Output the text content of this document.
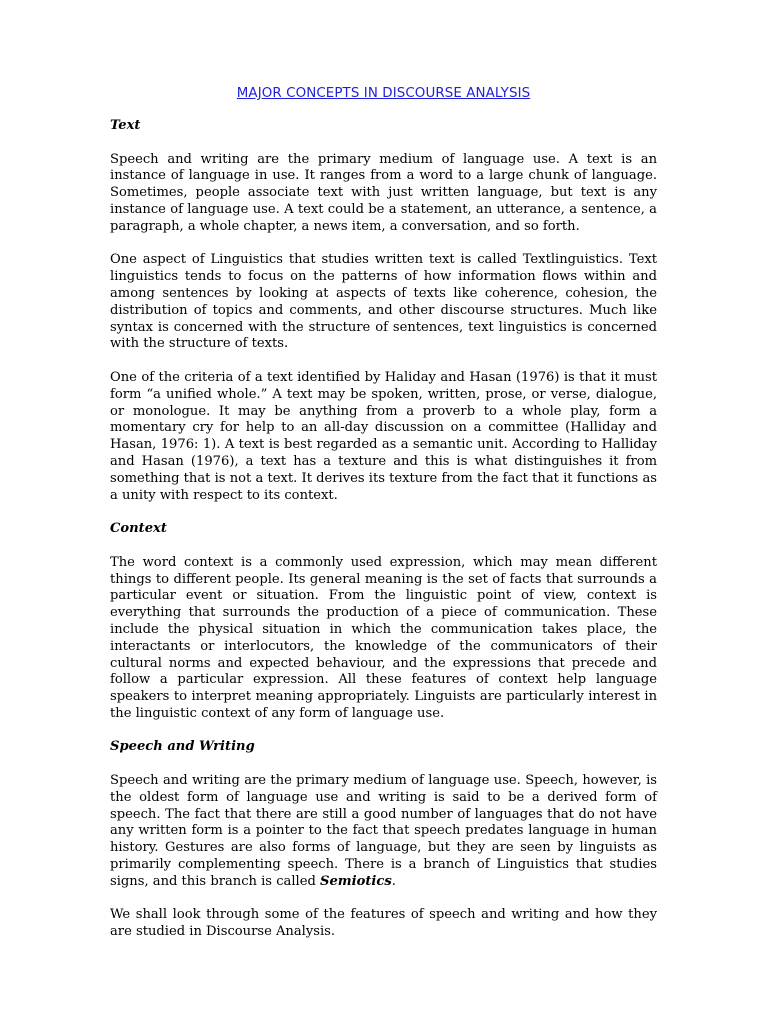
MAJOR CONCEPTS IN DISCOURSE ANALYSIS
Text
Speech and writing are the primary medium of language use. A text is an instance of language in use. It ranges from a word to a large chunk of language. Sometimes, people associate text with just written language, but text is any instance of language use. A text could be a statement, an utterance, a sentence, a paragraph, a whole chapter, a news item, a conversation, and so forth.
One aspect of Linguistics that studies written text is called Textlinguistics. Text linguistics tends to focus on the patterns of how information flows within and among sentences by looking at aspects of texts like coherence, cohesion, the distribution of topics and comments, and other discourse structures. Much like syntax is concerned with the structure of sentences, text linguistics is concerned with the structure of texts.
One of the criteria of a text identified by Haliday and Hasan (1976) is that it must form “a unified whole.” A text may be spoken, written, prose, or verse, dialogue, or monologue. It may be anything from a proverb to a whole play, form a momentary cry for help to an all-day discussion on a committee (Halliday and Hasan, 1976: 1). A text is best regarded as a semantic unit. According to Halliday and Hasan (1976), a text has a texture and this is what distinguishes it from something that is not a text. It derives its texture from the fact that it functions as a unity with respect to its context.
Context
The word context is a commonly used expression, which may mean different things to different people. Its general meaning is the set of facts that surrounds a particular event or situation. From the linguistic point of view, context is everything that surrounds the production of a piece of communication. These include the physical situation in which the communication takes place, the interactants or interlocutors, the knowledge of the communicators of their cultural norms and expected behaviour, and the expressions that precede and follow a particular expression. All these features of context help language speakers to interpret meaning appropriately. Linguists are particularly interest in the linguistic context of any form of language use.
Speech and Writing
Speech and writing are the primary medium of language use. Speech, however, is the oldest form of language use and writing is said to be a derived form of speech. The fact that there are still a good number of languages that do not have any written form is a pointer to the fact that speech predates language in human history. Gestures are also forms of language, but they are seen by linguists as primarily complementing speech. There is a branch of Linguistics that studies signs, and this branch is called Semiotics.
We shall look through some of the features of speech and writing and how they are studied in Discourse Analysis.
